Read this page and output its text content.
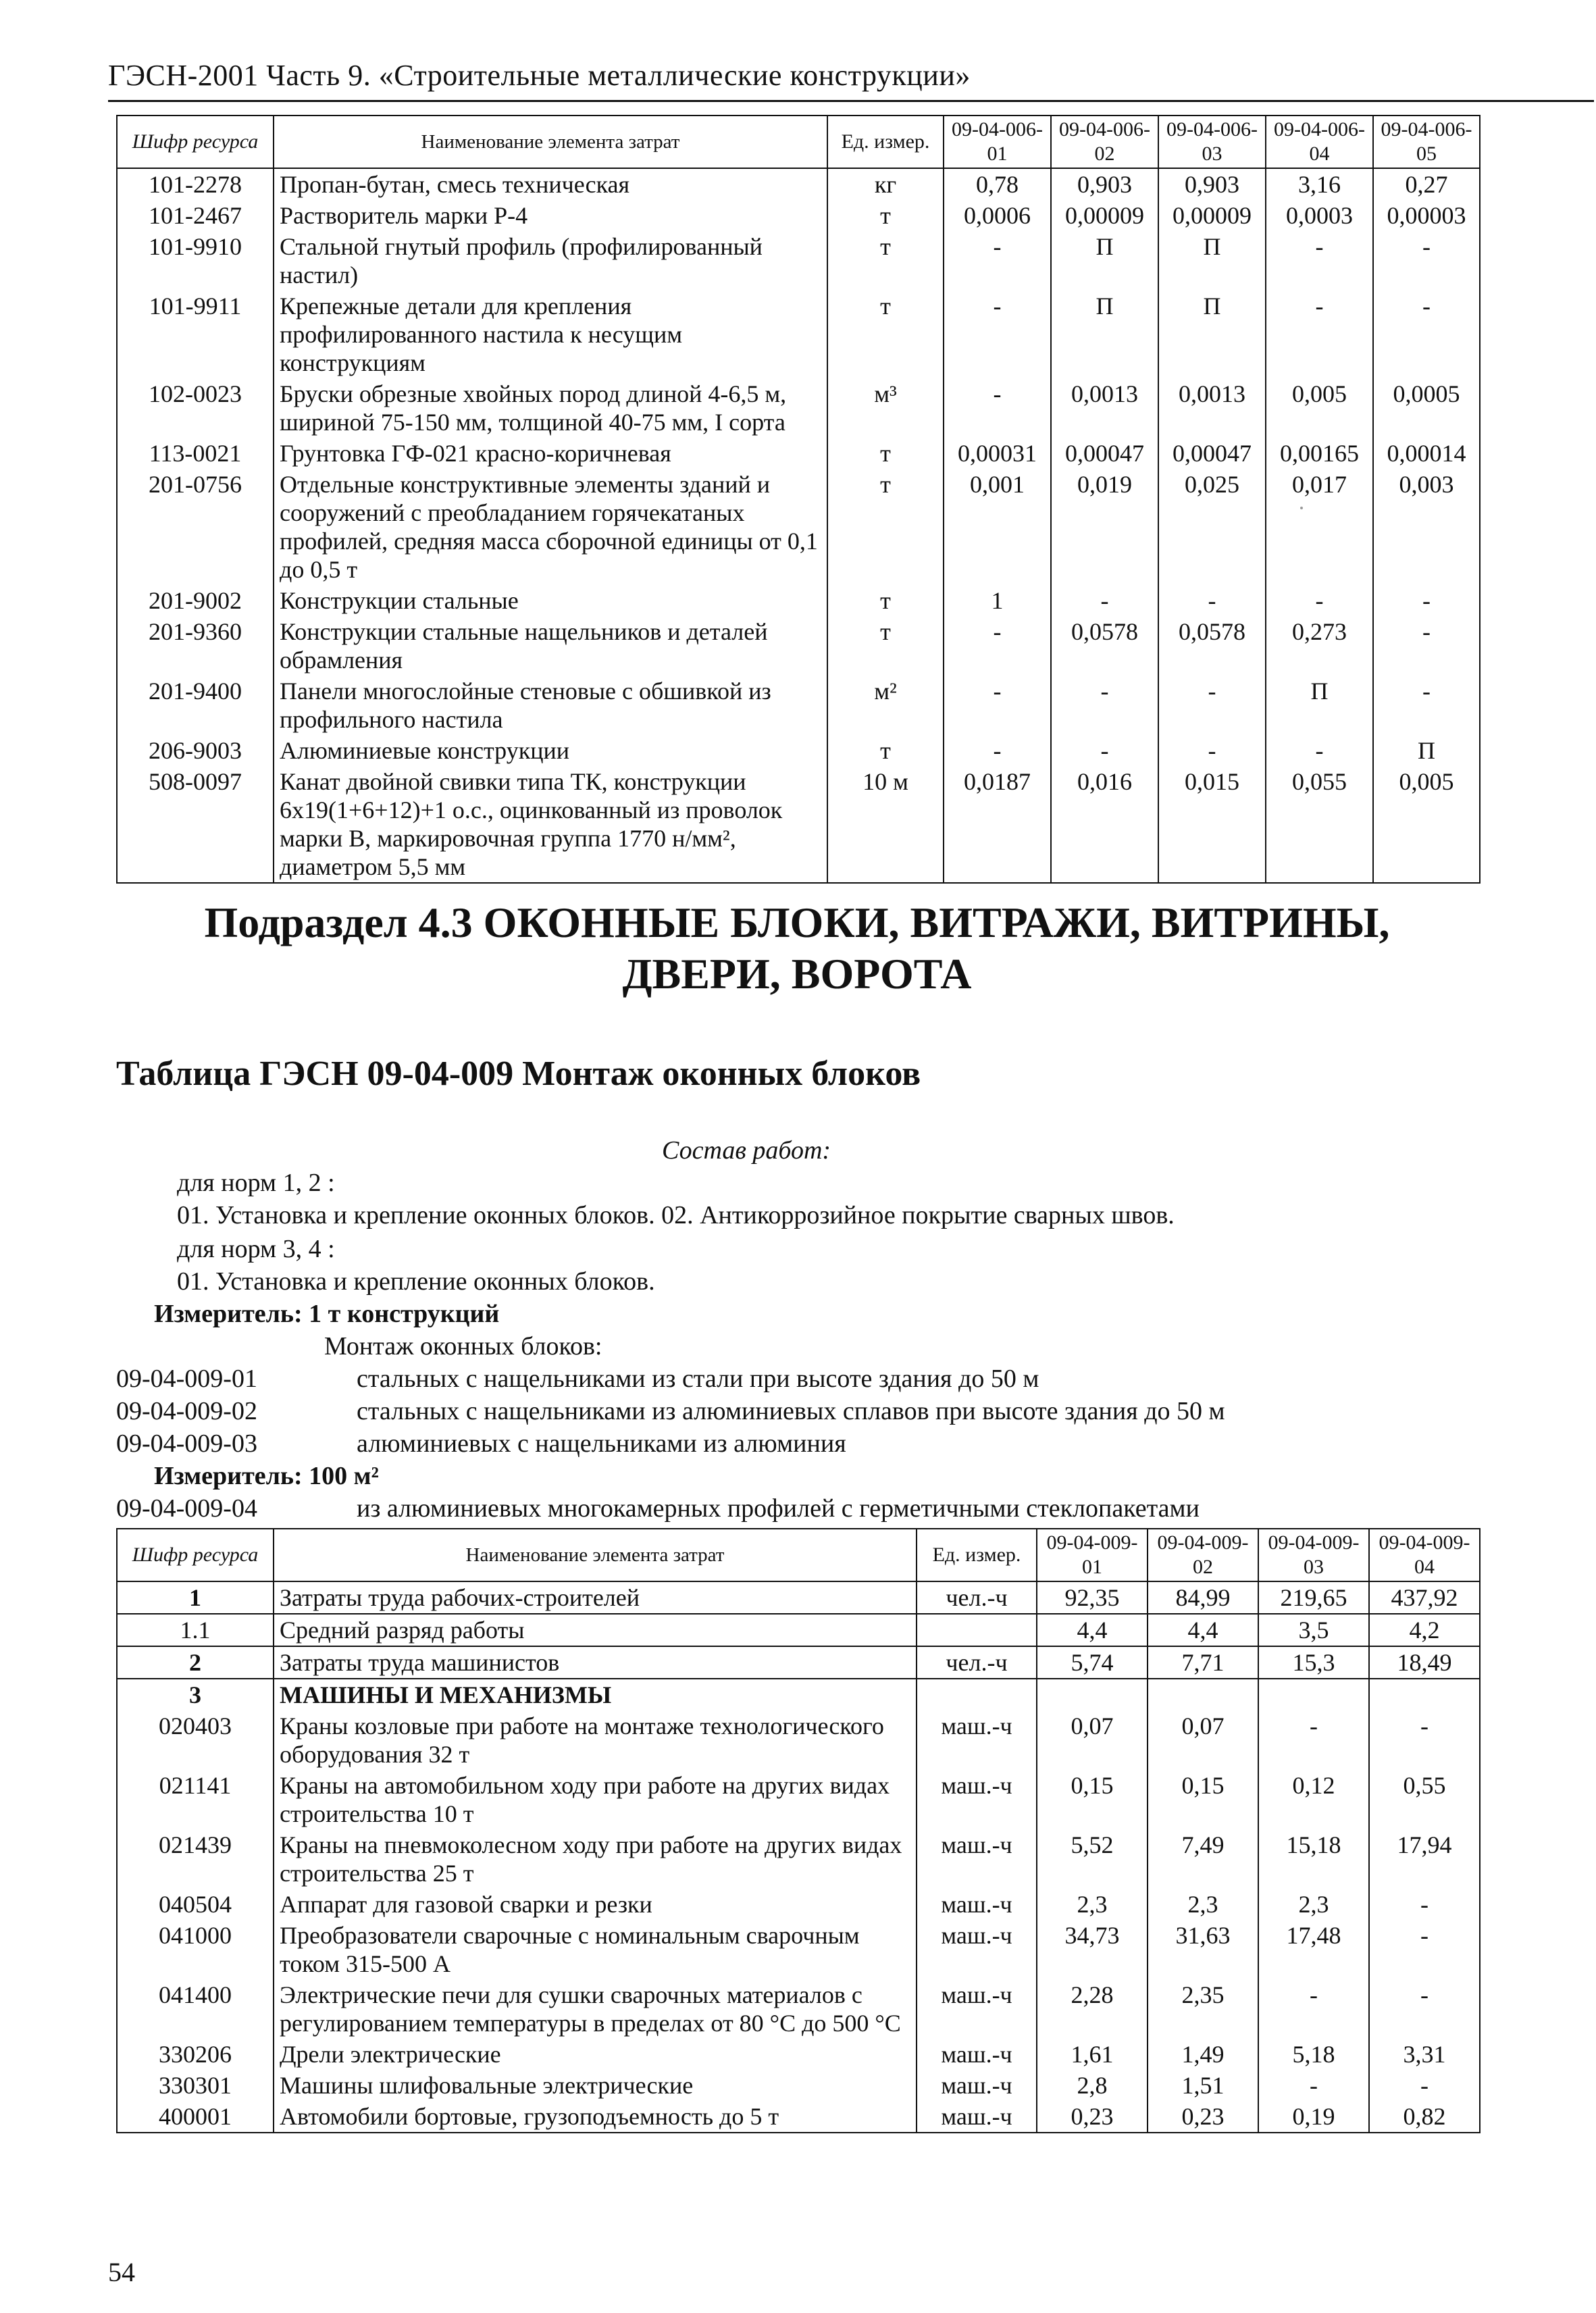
ГЭСН-2001 Часть 9. «Строительные металлические конструкции»
Шифр ресурса	Наименование элемента затрат	Ед. измер.	09-04-006-01	09-04-006-02	09-04-006-03	09-04-006-04	09-04-006-05
101-2278	Пропан-бутан, смесь техническая	кг	0,78	0,903	0,903	3,16	0,27
101-2467	Растворитель марки Р-4	т	0,0006	0,00009	0,00009	0,0003	0,00003
101-9910	Стальной гнутый профиль (профилированный настил)	т	-	П	П	-	-
101-9911	Крепежные детали для крепления профилированного настила к несущим конструкциям	т	-	П	П	-	-
102-0023	Бруски обрезные хвойных пород длиной 4-6,5 м, шириной 75-150 мм, толщиной 40-75 мм, I сорта	м³	-	0,0013	0,0013	0,005	0,0005
113-0021	Грунтовка ГФ-021 красно-коричневая	т	0,00031	0,00047	0,00047	0,00165	0,00014
201-0756	Отдельные конструктивные элементы зданий и сооружений с преобладанием горячекатаных профилей, средняя масса сборочной единицы от 0,1 до 0,5 т	т	0,001	0,019	0,025	0,017	0,003
201-9002	Конструкции стальные	т	1	-	-	-	-
201-9360	Конструкции стальные нащельников и деталей обрамления	т	-	0,0578	0,0578	0,273	-
201-9400	Панели многослойные стеновые с обшивкой из профильного настила	м²	-	-	-	П	-
206-9003	Алюминиевые конструкции	т	-	-	-	-	П
508-0097	Канат двойной свивки типа ТК, конструкции 6х19(1+6+12)+1 о.с., оцинкованный из проволок марки В, маркировочная группа 1770 н/мм², диаметром 5,5 мм	10 м	0,0187	0,016	0,015	0,055	0,005
Подраздел 4.3 ОКОННЫЕ БЛОКИ, ВИТРАЖИ, ВИТРИНЫ, ДВЕРИ, ВОРОТА
Таблица ГЭСН 09-04-009 Монтаж оконных блоков
Состав работ:
для норм 1, 2 :
01. Установка и крепление оконных блоков. 02. Антикоррозийное покрытие сварных швов.
для норм 3, 4 :
01. Установка и крепление оконных блоков.
Измеритель: 1 т конструкций
Монтаж оконных блоков:
09-04-009-01	стальных с нащельниками из стали при высоте здания до 50 м
09-04-009-02	стальных с нащельниками из алюминиевых сплавов при высоте здания до 50 м
09-04-009-03	алюминиевых с нащельниками из алюминия
Измеритель: 100 м²
09-04-009-04	из алюминиевых многокамерных профилей с герметичными стеклопакетами
Шифр ресурса	Наименование элемента затрат	Ед. измер.	09-04-009-01	09-04-009-02	09-04-009-03	09-04-009-04
1	Затраты труда рабочих-строителей	чел.-ч	92,35	84,99	219,65	437,92
1.1	Средний разряд работы		4,4	4,4	3,5	4,2
2	Затраты труда машинистов	чел.-ч	5,74	7,71	15,3	18,49
3	МАШИНЫ И МЕХАНИЗМЫ					
020403	Краны козловые при работе на монтаже технологического оборудования 32 т	маш.-ч	0,07	0,07	-	-
021141	Краны на автомобильном ходу при работе на других видах строительства 10 т	маш.-ч	0,15	0,15	0,12	0,55
021439	Краны на пневмоколесном ходу при работе на других видах строительства 25 т	маш.-ч	5,52	7,49	15,18	17,94
040504	Аппарат для газовой сварки и резки	маш.-ч	2,3	2,3	2,3	-
041000	Преобразователи сварочные с номинальным сварочным током 315-500 А	маш.-ч	34,73	31,63	17,48	-
041400	Электрические печи для сушки сварочных материалов с регулированием температуры в пределах от 80 °С до 500 °С	маш.-ч	2,28	2,35	-	-
330206	Дрели электрические	маш.-ч	1,61	1,49	5,18	3,31
330301	Машины шлифовальные электрические	маш.-ч	2,8	1,51	-	-
400001	Автомобили бортовые, грузоподъемность до 5 т	маш.-ч	0,23	0,23	0,19	0,82
54
